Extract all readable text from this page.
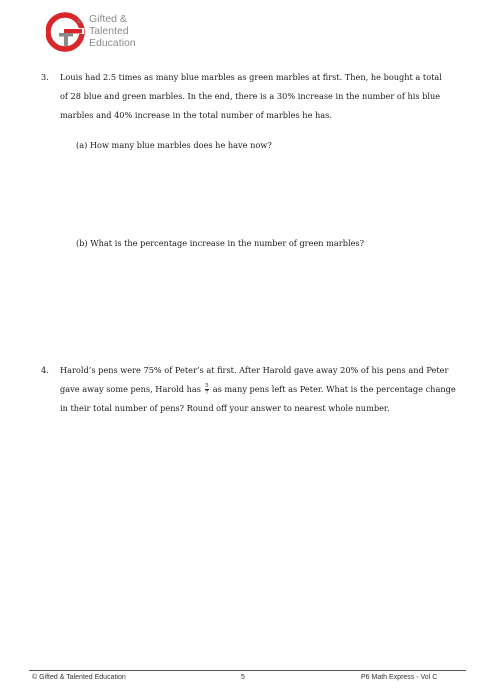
& Gifted &
Talented
Education
3. Louis had 2.5 times as many blue marbles as green marbles at first. Then, he bought a total
of 28 blue and green marbles. In the end, there is a 30% increase in the number of his blue
marbles and 40% increase in the total number of marbles he has.
(a) How many blue marbles does he have now?
(b) What is the percentage increase in the number of green marbles?
4. Harold’s pens were 75% of Peter’s at first. After Harold gave away 20% of his pens and Peter
gave away some pens, Harold has $\frac{5}{7}$ as many pens left as Peter. What is the percentage change
in their total number of pens? Round off your answer to nearest whole number.
© Gifted & Talented Education	5	P6 Math Express - Vol C
